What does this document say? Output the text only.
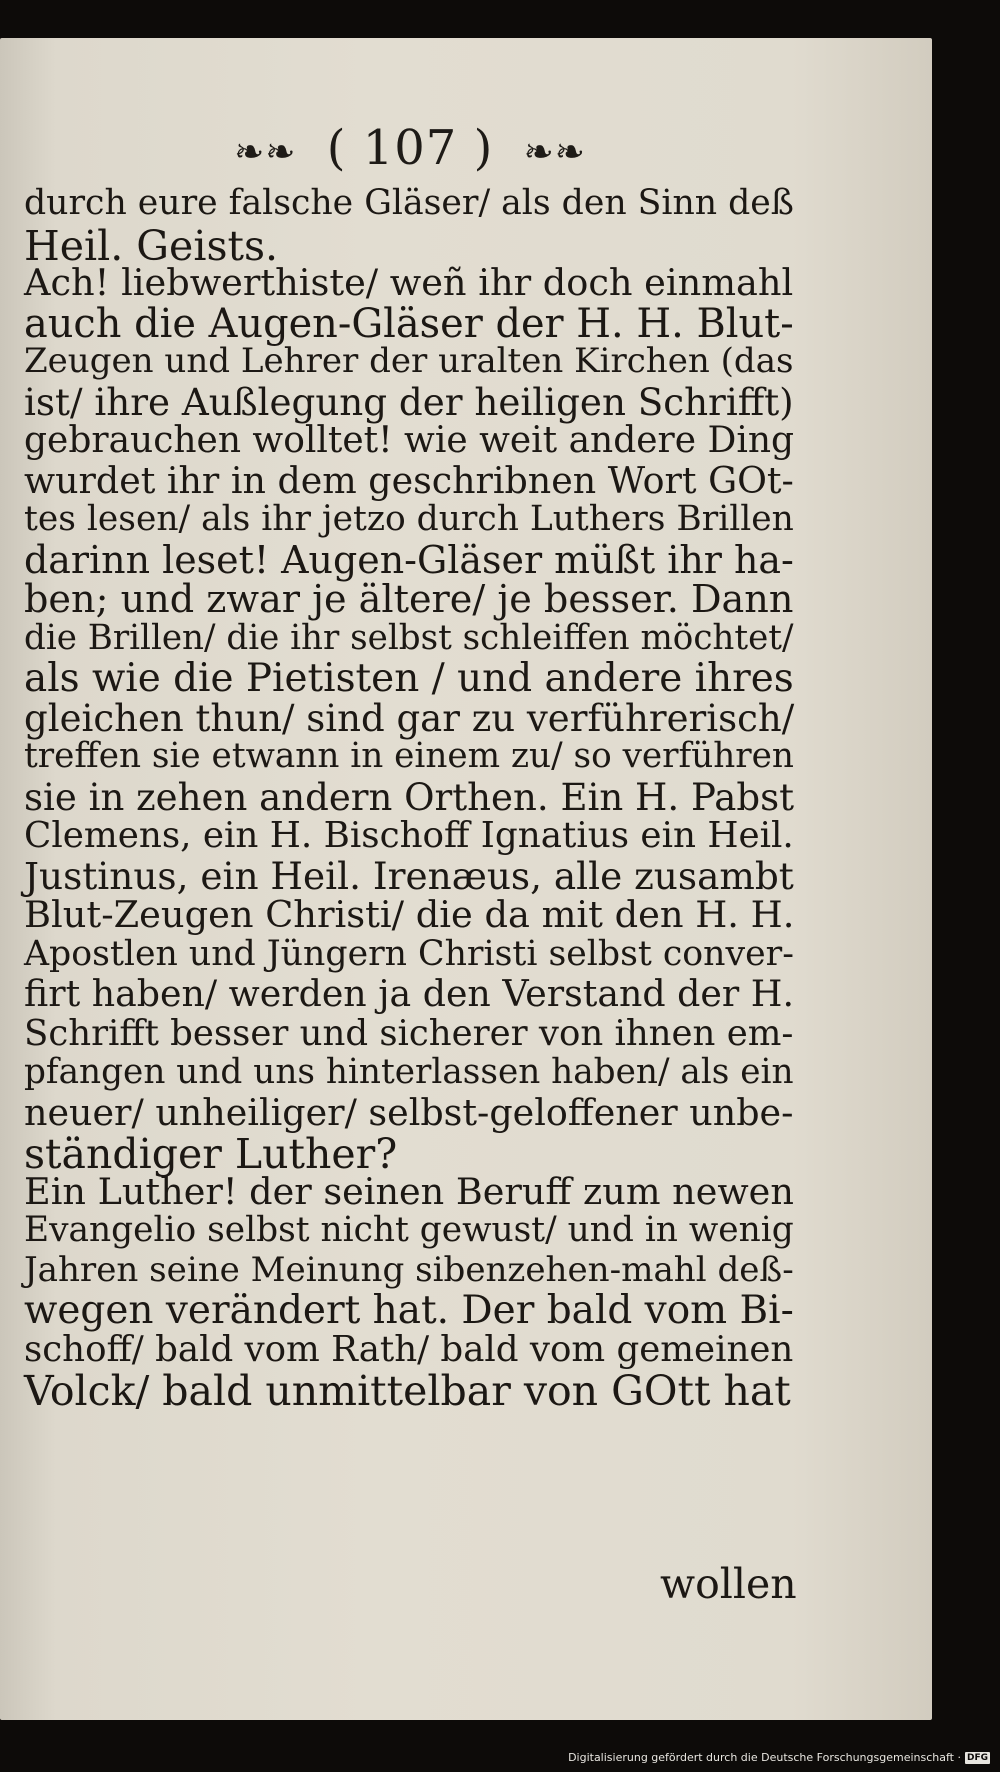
❧❧ ( 107 ) ❧❧
durch eure falsche Gläser/ als den Sinn deß
Heil. Geists.
Ach! liebwerthiste/ weñ ihr doch einmahl
auch die Augen-Gläser der H. H. Blut-
Zeugen und Lehrer der uralten Kirchen (das
ist/ ihre Außlegung der heiligen Schrifft)
gebrauchen wolltet! wie weit andere Ding
wurdet ihr in dem geschribnen Wort GOt-
tes lesen/ als ihr jetzo durch Luthers Brillen
darinn leset! Augen-Gläser müßt ihr ha-
ben; und zwar je ältere/ je besser. Dann
die Brillen/ die ihr selbst schleiffen möchtet/
als wie die Pietisten / und andere ihres
gleichen thun/ sind gar zu verführerisch/
treffen sie etwann in einem zu/ so verführen
sie in zehen andern Orthen. Ein H. Pabst
Clemens, ein H. Bischoff Ignatius ein Heil.
Justinus, ein Heil. Irenæus, alle zusambt
Blut-Zeugen Christi/ die da mit den H. H.
Apostlen und Jüngern Christi selbst conver-
firt haben/ werden ja den Verstand der H.
Schrifft besser und sicherer von ihnen em-
pfangen und uns hinterlassen haben/ als ein
neuer/ unheiliger/ selbst-geloffener unbe-
ständiger Luther?
Ein Luther! der seinen Beruff zum newen
Evangelio selbst nicht gewust/ und in wenig
Jahren seine Meinung sibenzehen-mahl deß-
wegen verändert hat. Der bald vom Bi-
schoff/ bald vom Rath/ bald vom gemeinen
Volck/ bald unmittelbar von GOtt hat
wollen
Digitalisierung gefördert durch die Deutsche Forschungsgemeinschaft · DFG
